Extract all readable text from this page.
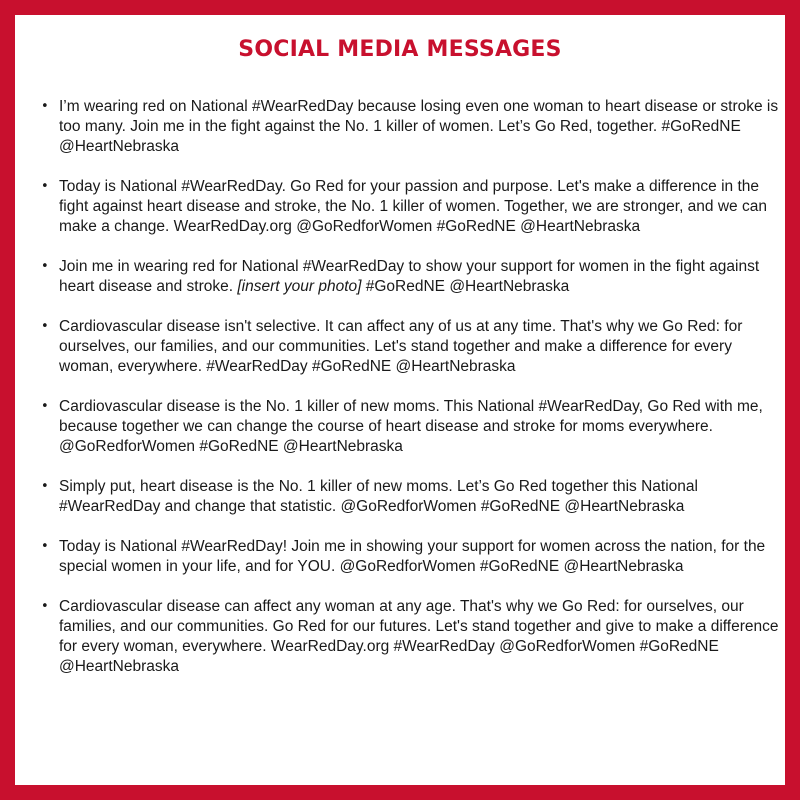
SOCIAL MEDIA MESSAGES
• I’m wearing red on National #WearRedDay because losing even one woman to heart disease or stroke is too many. Join me in the fight against the No. 1 killer of women. Let’s Go Red, together. #GoRedNE @HeartNebraska
• Today is National #WearRedDay. Go Red for your passion and purpose. Let's make a difference in the fight against heart disease and stroke, the No. 1 killer of women. Together, we are stronger, and we can make a change. WearRedDay.org @GoRedforWomen #GoRedNE @HeartNebraska
• Join me in wearing red for National #WearRedDay to show your support for women in the fight against heart disease and stroke. [insert your photo] #GoRedNE @HeartNebraska
• Cardiovascular disease isn't selective. It can affect any of us at any time. That's why we Go Red: for ourselves, our families, and our communities. Let's stand together and make a difference for every woman, everywhere. #WearRedDay #GoRedNE @HeartNebraska
• Cardiovascular disease is the No. 1 killer of new moms. This National #WearRedDay, Go Red with me, because together we can change the course of heart disease and stroke for moms everywhere. @GoRedforWomen #GoRedNE @HeartNebraska
• Simply put, heart disease is the No. 1 killer of new moms. Let’s Go Red together this National #WearRedDay and change that statistic. @GoRedforWomen #GoRedNE @HeartNebraska
• Today is National #WearRedDay! Join me in showing your support for women across the nation, for the special women in your life, and for YOU. @GoRedforWomen #GoRedNE @HeartNebraska
• Cardiovascular disease can affect any woman at any age. That's why we Go Red: for ourselves, our families, and our communities. Go Red for our futures. Let's stand together and give to make a difference for every woman, everywhere. WearRedDay.org #WearRedDay @GoRedforWomen #GoRedNE @HeartNebraska
